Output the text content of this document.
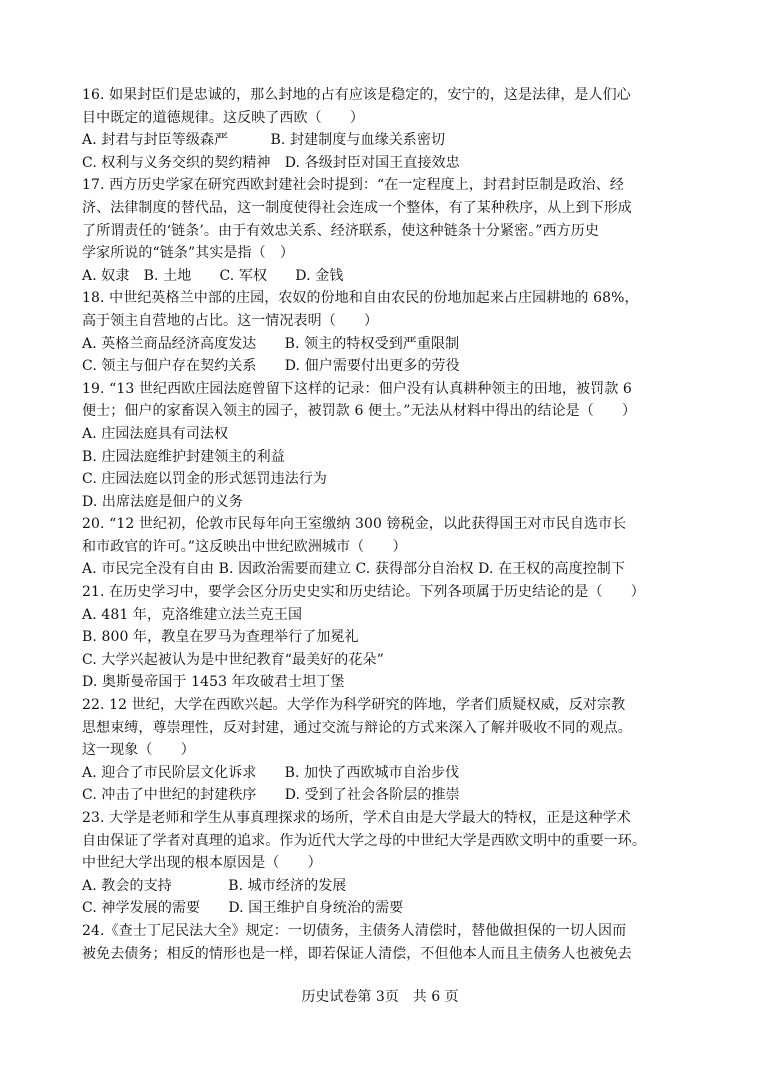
16. 如果封臣们是忠诚的，那么封地的占有应该是稳定的，安宁的，这是法律，是人们心
目中既定的道德规律。这反映了西欧（　　）
A. 封君与封臣等级森严　　　B. 封建制度与血缘关系密切
C. 权利与义务交织的契约精神　D. 各级封臣对国王直接效忠
17. 西方历史学家在研究西欧封建社会时提到：“在一定程度上，封君封臣制是政治、经
济、法律制度的替代品，这一制度使得社会连成一个整体，有了某种秩序，从上到下形成
了所谓责任的‘链条’。由于有效忠关系、经济联系，使这种链条十分紧密。”西方历史
学家所说的“链条”其实是指（　）
A. 奴隶　B. 土地　　C. 军权　　D. 金钱
18. 中世纪英格兰中部的庄园，农奴的份地和自由农民的份地加起来占庄园耕地的 68%，
高于领主自营地的占比。这一情况表明（　　）
A. 英格兰商品经济高度发达　　B. 领主的特权受到严重限制
C. 领主与佃户存在契约关系　　D. 佃户需要付出更多的劳役
19. “13 世纪西欧庄园法庭曾留下这样的记录：佃户没有认真耕种领主的田地，被罚款 6
便士；佃户的家畜误入领主的园子，被罚款 6 便士。”无法从材料中得出的结论是（　　）
A. 庄园法庭具有司法权
B. 庄园法庭维护封建领主的利益
C. 庄园法庭以罚金的形式惩罚违法行为
D. 出席法庭是佃户的义务
20. “12 世纪初，伦敦市民每年向王室缴纳 300 镑税金，以此获得国王对市民自选市长
和市政官的许可。”这反映出中世纪欧洲城市（　　）
A. 市民完全没有自由 B. 因政治需要而建立 C. 获得部分自治权 D. 在王权的高度控制下
21. 在历史学习中，要学会区分历史史实和历史结论。下列各项属于历史结论的是（　　）
A. 481 年，克洛维建立法兰克王国
B. 800 年，教皇在罗马为查理举行了加冕礼
C. 大学兴起被认为是中世纪教育“最美好的花朵”
D. 奥斯曼帝国于 1453 年攻破君士坦丁堡
22. 12 世纪，大学在西欧兴起。大学作为科学研究的阵地，学者们质疑权威，反对宗教
思想束缚，尊崇理性，反对封建，通过交流与辩论的方式来深入了解并吸收不同的观点。
这一现象（　　）
A. 迎合了市民阶层文化诉求　　B. 加快了西欧城市自治步伐
C. 冲击了中世纪的封建秩序　　D. 受到了社会各阶层的推崇
23. 大学是老师和学生从事真理探求的场所，学术自由是大学最大的特权，正是这种学术
自由保证了学者对真理的追求。作为近代大学之母的中世纪大学是西欧文明中的重要一环。
中世纪大学出现的根本原因是（　　）
A. 教会的支持　　　　B. 城市经济的发展
C. 神学发展的需要　　D. 国王维护自身统治的需要
24.《查士丁尼民法大全》规定：一切债务，主债务人清偿时，替他做担保的一切人因而
被免去债务；相反的情形也是一样，即若保证人清偿，不但他本人而且主债务人也被免去
历史试卷第 3页　共 6 页
